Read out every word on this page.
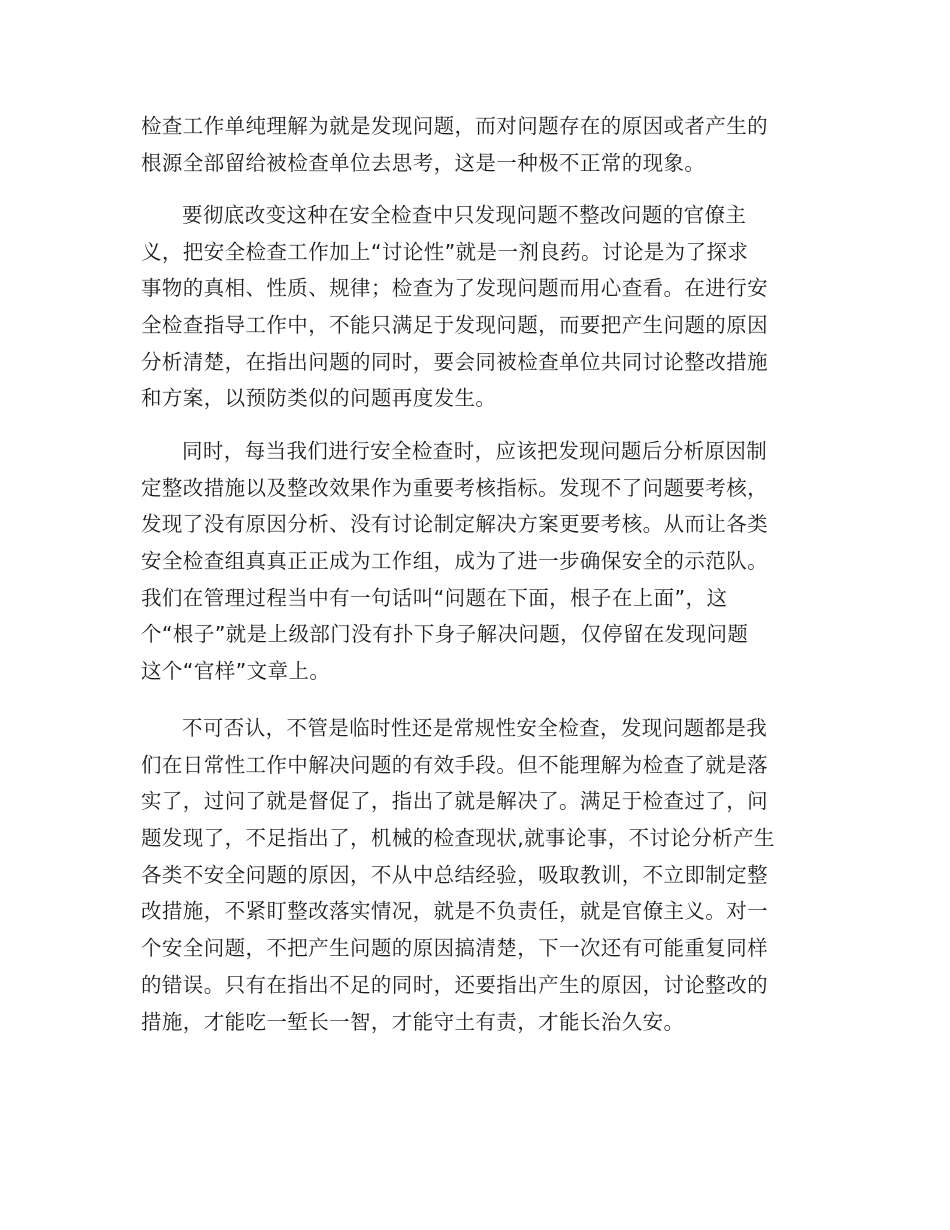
检查工作单纯理解为就是发现问题，而对问题存在的原因或者产生的
根源全部留给被检查单位去思考，这是一种极不正常的现象。
要彻底改变这种在安全检查中只发现问题不整改问题的官僚主
义，把安全检查工作加上“讨论性”就是一剂良药。讨论是为了探求
事物的真相、性质、规律；检查为了发现问题而用心查看。在进行安
全检查指导工作中，不能只满足于发现问题，而要把产生问题的原因
分析清楚，在指出问题的同时，要会同被检查单位共同讨论整改措施
和方案，以预防类似的问题再度发生。
同时，每当我们进行安全检查时，应该把发现问题后分析原因制
定整改措施以及整改效果作为重要考核指标。发现不了问题要考核，
发现了没有原因分析、没有讨论制定解决方案更要考核。从而让各类
安全检查组真真正正成为工作组，成为了进一步确保安全的示范队。
我们在管理过程当中有一句话叫“问题在下面，根子在上面”，这
个“根子”就是上级部门没有扑下身子解决问题，仅停留在发现问题
这个“官样”文章上。
不可否认，不管是临时性还是常规性安全检查，发现问题都是我
们在日常性工作中解决问题的有效手段。但不能理解为检查了就是落
实了，过问了就是督促了，指出了就是解决了。满足于检查过了，问
题发现了，不足指出了，机械的检查现状,就事论事，不讨论分析产生
各类不安全问题的原因，不从中总结经验，吸取教训，不立即制定整
改措施，不紧盯整改落实情况，就是不负责任，就是官僚主义。对一
个安全问题，不把产生问题的原因搞清楚，下一次还有可能重复同样
的错误。只有在指出不足的同时，还要指出产生的原因，讨论整改的
措施，才能吃一堑长一智，才能守土有责，才能长治久安。
